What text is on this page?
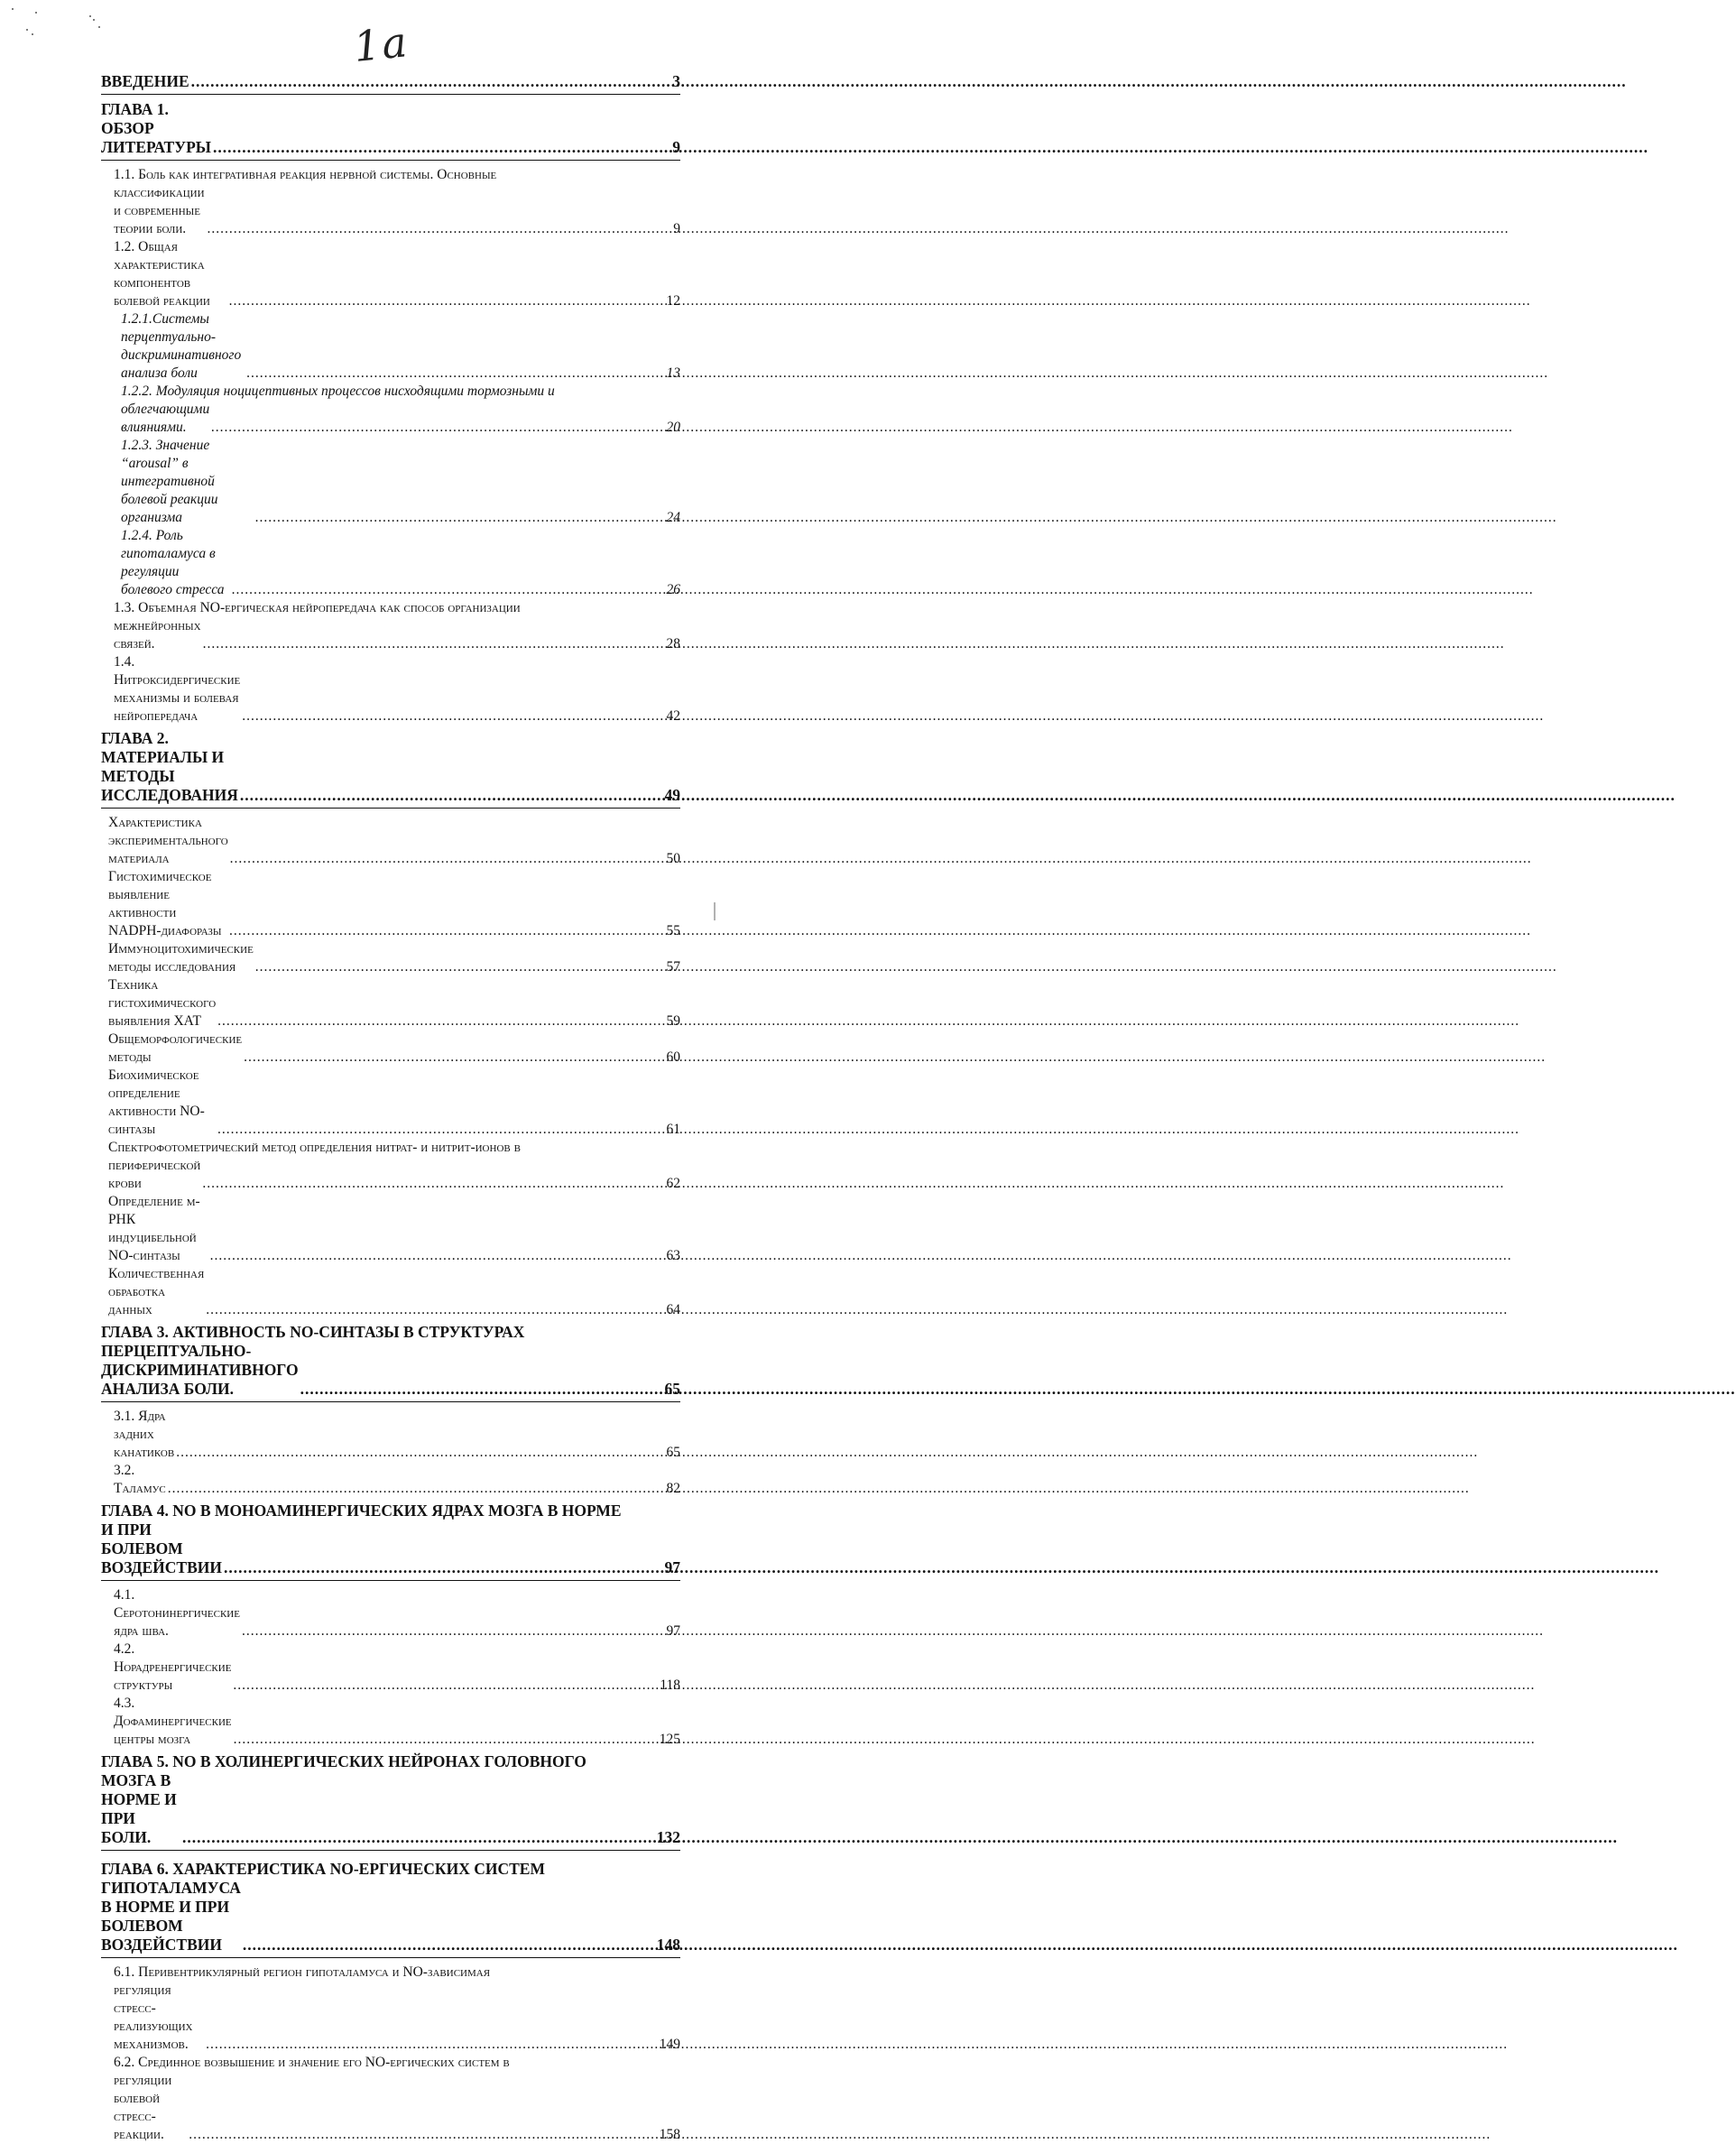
1а
ВВЕДЕНИЕ .....	3
ГЛАВА 1. ОБЗОР ЛИТЕРАТУРЫ .....	9
1.1. Боль как интегративная реакция нервной системы. Основные
классификации и современные теории боли. .....	9
1.2. Общая характеристика компонентов болевой реакции .....	12
1.2.1.Системы перцептуально-дискриминативного анализа боли .....	13
1.2.2. Модуляция ноцицептивных процессов нисходящими тормозными и
облегчающими влияниями. .....	20
1.2.3. Значение “arousal” в интегративной болевой реакции организма .....	24
1.2.4. Роль гипоталамуса в регуляции болевого стресса .....	26
1.3. Объемная NO-ергическая нейропередача как способ организации
межнейронных связей. .....	28
1.4. Нитроксидергические механизмы и болевая нейропередача .....	42
ГЛАВА 2. МАТЕРИАЛЫ И МЕТОДЫ ИССЛЕДОВАНИЯ .....	49
Характеристика экспериментального материала .....	50
Гистохимическое выявление активности NADPH-диафоразы .....	55
Иммуноцитохимические методы исследования .....	57
Техника гистохимического выявления ХАТ .....	59
Общеморфологические методы .....	60
Биохимическое определение активности NO-синтазы .....	61
Спектрофотометрический метод определения нитрат- и нитрит-ионов в
периферической крови .....	62
Определение м-РНК индуцибельной NO-синтазы .....	63
Количественная обработка данных .....	64
ГЛАВА 3. АКТИВНОСТЬ NO-СИНТАЗЫ В СТРУКТУРАХ
ПЕРЦЕПТУАЛЬНО-ДИСКРИМИНАТИВНОГО АНАЛИЗА БОЛИ. .....	65
3.1. Ядра задних канатиков .....	65
3.2. Таламус .....	82
ГЛАВА 4. NO В МОНОАМИНЕРГИЧЕСКИХ ЯДРАХ МОЗГА В НОРМЕ
И ПРИ БОЛЕВОМ ВОЗДЕЙСТВИИ .....	97
4.1. Серотонинергические ядра шва. .....	97
4.2. Норадренергические структуры .....	118
4.3. Дофаминергические центры мозга .....	125
ГЛАВА 5. NO В ХОЛИНЕРГИЧЕСКИХ НЕЙРОНАХ ГОЛОВНОГО
МОЗГА В НОРМЕ И ПРИ БОЛИ. .....	132
ГЛАВА 6. ХАРАКТЕРИСТИКА NO-ЕРГИЧЕСКИХ СИСТЕМ
ГИПОТАЛАМУСА В НОРМЕ И ПРИ БОЛЕВОМ ВОЗДЕЙСТВИИ .....	148
6.1. Перивентрикулярный регион гипоталамуса и NO-зависимая
регуляция стресс-реализующих механизмов. .....	149
6.2. Срединное возвышение и значение его NO-ергических систем в
регуляции болевой стресс-реакции. .....	158
